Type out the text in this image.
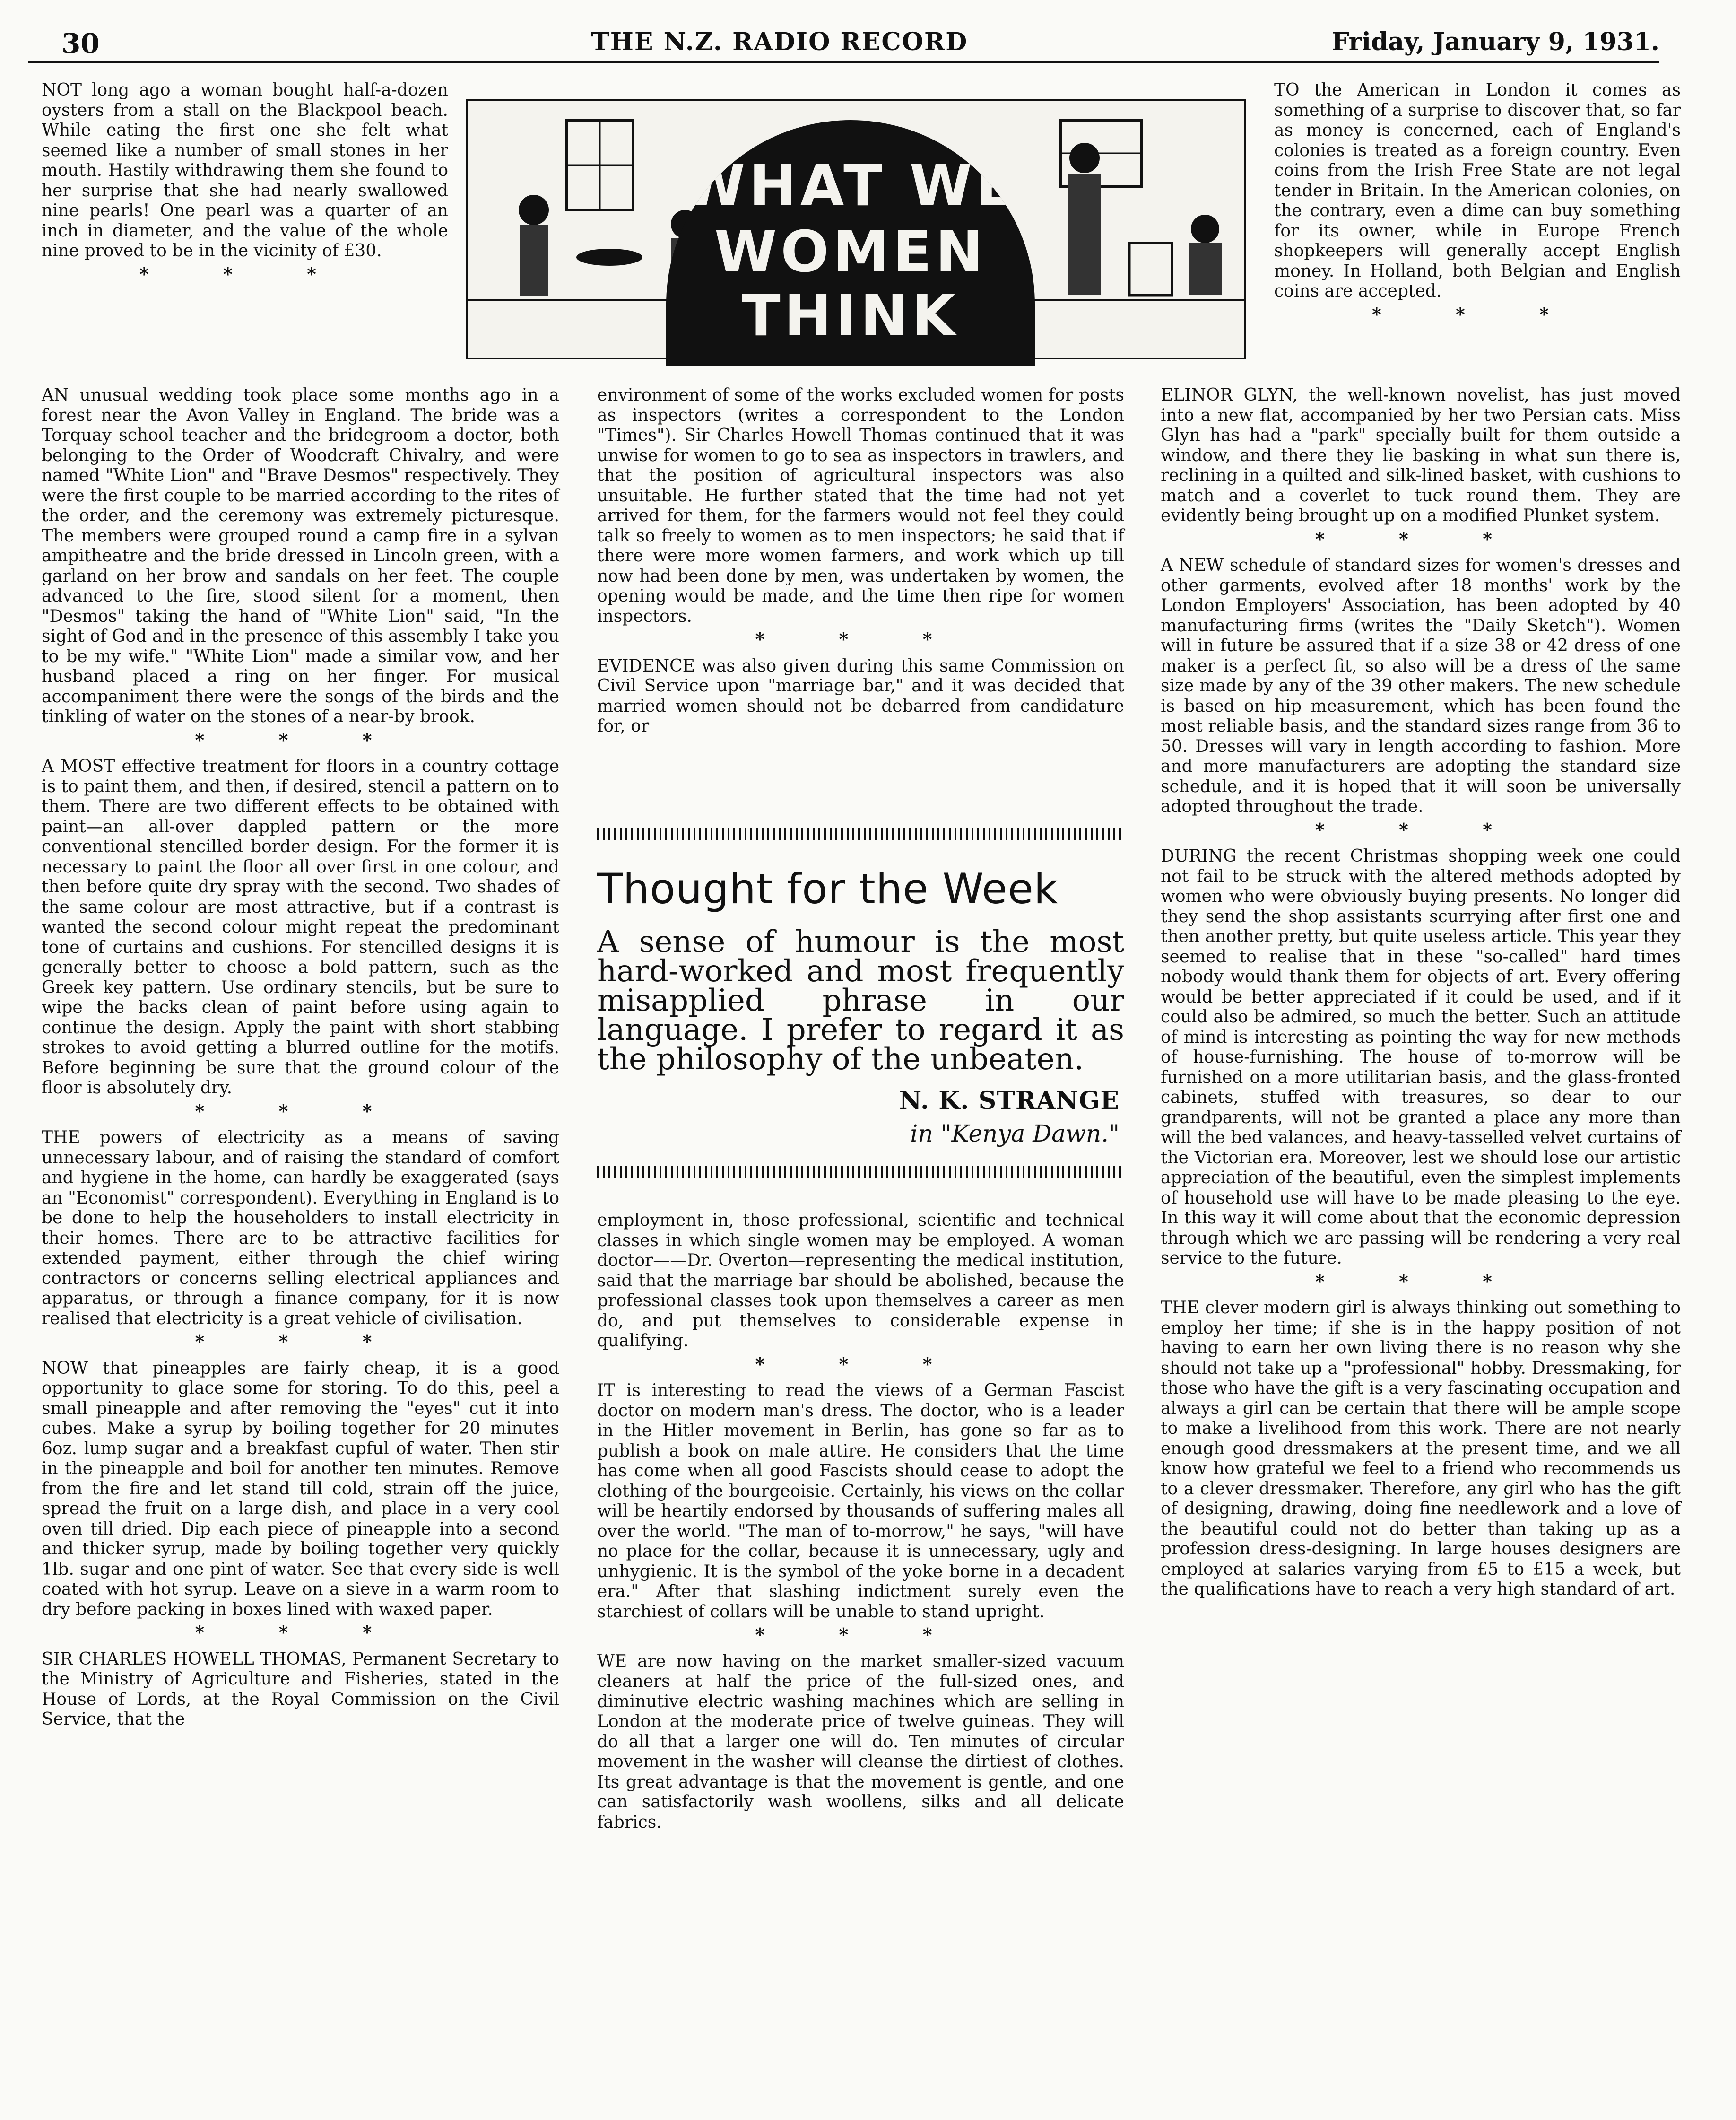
30	THE N.Z. RADIO RECORD	Friday, January 9, 1931.
WHAT WE
WOMEN
THINK

NOT long ago a woman bought half-a-dozen oysters from a stall on the Blackpool beach. While eating the first one she felt what seemed like a number of small stones in her mouth. Hastily withdrawing them she found to her surprise that she had nearly swallowed nine pearls! One pearl was a quarter of an inch in diameter, and the value of the whole nine proved to be in the vicinity of £30.

* * *

AN unusual wedding took place some months ago in a forest near the Avon Valley in England. The bride was a Torquay school teacher and the bridegroom a doctor, both belonging to the Order of Woodcraft Chivalry, and were named "White Lion" and "Brave Desmos" respectively. They were the first couple to be married according to the rites of the order, and the ceremony was extremely picturesque. The members were grouped round a camp fire in a sylvan ampitheatre and the bride dressed in Lincoln green, with a garland on her brow and sandals on her feet. The couple advanced to the fire, stood silent for a moment, then "Desmos" taking the hand of "White Lion" said, "In the sight of God and in the presence of this assembly I take you to be my wife." "White Lion" made a similar vow, and her husband placed a ring on her finger. For musical accompaniment there were the songs of the birds and the tinkling of water on the stones of a near-by brook.

* * *

A MOST effective treatment for floors in a country cottage is to paint them, and then, if desired, stencil a pattern on to them. There are two different effects to be obtained with paint—an all-over dappled pattern or the more conventional stencilled border design. For the former it is necessary to paint the floor all over first in one colour, and then before quite dry spray with the second. Two shades of the same colour are most attractive, but if a contrast is wanted the second colour might repeat the predominant tone of curtains and cushions. For stencilled designs it is generally better to choose a bold pattern, such as the Greek key pattern. Use ordinary stencils, but be sure to wipe the backs clean of paint before using again to continue the design. Apply the paint with short stabbing strokes to avoid getting a blurred outline for the motifs. Before beginning be sure that the ground colour of the floor is absolutely dry.

* * *

THE powers of electricity as a means of saving unnecessary labour, and of raising the standard of comfort and hygiene in the home, can hardly be exaggerated (says an "Economist" correspondent). Everything in England is to be done to help the householders to install electricity in their homes. There are to be attractive facilities for extended payment, either through the chief wiring contractors or concerns selling electrical appliances and apparatus, or through a finance company, for it is now realised that electricity is a great vehicle of civilisation.

* * *

NOW that pineapples are fairly cheap, it is a good opportunity to glace some for storing. To do this, peel a small pineapple and after removing the "eyes" cut it into cubes. Make a syrup by boiling together for 20 minutes 6oz. lump sugar and a breakfast cupful of water. Then stir in the pineapple and boil for another ten minutes. Remove from the fire and let stand till cold, strain off the juice, spread the fruit on a large dish, and place in a very cool oven till dried. Dip each piece of pineapple into a second and thicker syrup, made by boiling together very quickly 1lb. sugar and one pint of water. See that every side is well coated with hot syrup. Leave on a sieve in a warm room to dry before packing in boxes lined with waxed paper.

* * *

SIR CHARLES HOWELL THOMAS, Permanent Secretary to the Ministry of Agriculture and Fisheries, stated in the House of Lords, at the Royal Commission on the Civil Service, that the

environment of some of the works excluded women for posts as inspectors (writes a correspondent to the London "Times"). Sir Charles Howell Thomas continued that it was unwise for women to go to sea as inspectors in trawlers, and that the position of agricultural inspectors was also unsuitable. He further stated that the time had not yet arrived for them, for the farmers would not feel they could talk so freely to women as to men inspectors; he said that if there were more women farmers, and work which up till now had been done by men, was undertaken by women, the opening would be made, and the time then ripe for women inspectors.

* * *

EVIDENCE was also given during this same Commission on Civil Service upon "marriage bar," and it was decided that married women should not be debarred from candidature for, or

Thought for the Week

A sense of humour is the most hard-worked and most frequently misapplied phrase in our language. I prefer to regard it as the philosophy of the unbeaten.

N. K. STRANGE
in "Kenya Dawn."

employment in, those professional, scientific and technical classes in which single women may be employed. A woman doctor——Dr. Overton—representing the medical institution, said that the marriage bar should be abolished, because the professional classes took upon themselves a career as men do, and put themselves to considerable expense in qualifying.

* * *

IT is interesting to read the views of a German Fascist doctor on modern man's dress. The doctor, who is a leader in the Hitler movement in Berlin, has gone so far as to publish a book on male attire. He considers that the time has come when all good Fascists should cease to adopt the clothing of the bourgeoisie. Certainly, his views on the collar will be heartily endorsed by thousands of suffering males all over the world. "The man of to-morrow," he says, "will have no place for the collar, because it is unnecessary, ugly and unhygienic. It is the symbol of the yoke borne in a decadent era." After that slashing indictment surely even the starchiest of collars will be unable to stand upright.

* * *

WE are now having on the market smaller-sized vacuum cleaners at half the price of the full-sized ones, and diminutive electric washing machines which are selling in London at the moderate price of twelve guineas. They will do all that a larger one will do. Ten minutes of circular movement in the washer will cleanse the dirtiest of clothes. Its great advantage is that the movement is gentle, and one can satisfactorily wash woollens, silks and all delicate fabrics.

TO the American in London it comes as something of a surprise to discover that, so far as money is concerned, each of England's colonies is treated as a foreign country. Even coins from the Irish Free State are not legal tender in Britain. In the American colonies, on the contrary, even a dime can buy something for its owner, while in Europe French shopkeepers will generally accept English money. In Holland, both Belgian and English coins are accepted.

* * *

ELINOR GLYN, the well-known novelist, has just moved into a new flat, accompanied by her two Persian cats. Miss Glyn has had a "park" specially built for them outside a window, and there they lie basking in what sun there is, reclining in a quilted and silk-lined basket, with cushions to match and a coverlet to tuck round them. They are evidently being brought up on a modified Plunket system.

* * *

A NEW schedule of standard sizes for women's dresses and other garments, evolved after 18 months' work by the London Employers' Association, has been adopted by 40 manufacturing firms (writes the "Daily Sketch"). Women will in future be assured that if a size 38 or 42 dress of one maker is a perfect fit, so also will be a dress of the same size made by any of the 39 other makers. The new schedule is based on hip measurement, which has been found the most reliable basis, and the standard sizes range from 36 to 50. Dresses will vary in length according to fashion. More and more manufacturers are adopting the standard size schedule, and it is hoped that it will soon be universally adopted throughout the trade.

* * *

DURING the recent Christmas shopping week one could not fail to be struck with the altered methods adopted by women who were obviously buying presents. No longer did they send the shop assistants scurrying after first one and then another pretty, but quite useless article. This year they seemed to realise that in these "so-called" hard times nobody would thank them for objects of art. Every offering would be better appreciated if it could be used, and if it could also be admired, so much the better. Such an attitude of mind is interesting as pointing the way for new methods of house-furnishing. The house of to-morrow will be furnished on a more utilitarian basis, and the glass-fronted cabinets, stuffed with treasures, so dear to our grandparents, will not be granted a place any more than will the bed valances, and heavy-tasselled velvet curtains of the Victorian era. Moreover, lest we should lose our artistic appreciation of the beautiful, even the simplest implements of household use will have to be made pleasing to the eye. In this way it will come about that the economic depression through which we are passing will be rendering a very real service to the future.

* * *

THE clever modern girl is always thinking out something to employ her time; if she is in the happy position of not having to earn her own living there is no reason why she should not take up a "professional" hobby. Dressmaking, for those who have the gift is a very fascinating occupation and always a girl can be certain that there will be ample scope to make a livelihood from this work. There are not nearly enough good dressmakers at the present time, and we all know how grateful we feel to a friend who recommends us to a clever dressmaker. Therefore, any girl who has the gift of designing, drawing, doing fine needlework and a love of the beautiful could not do better than taking up as a profession dress-designing. In large houses designers are employed at salaries varying from £5 to £15 a week, but the qualifications have to reach a very high standard of art.
